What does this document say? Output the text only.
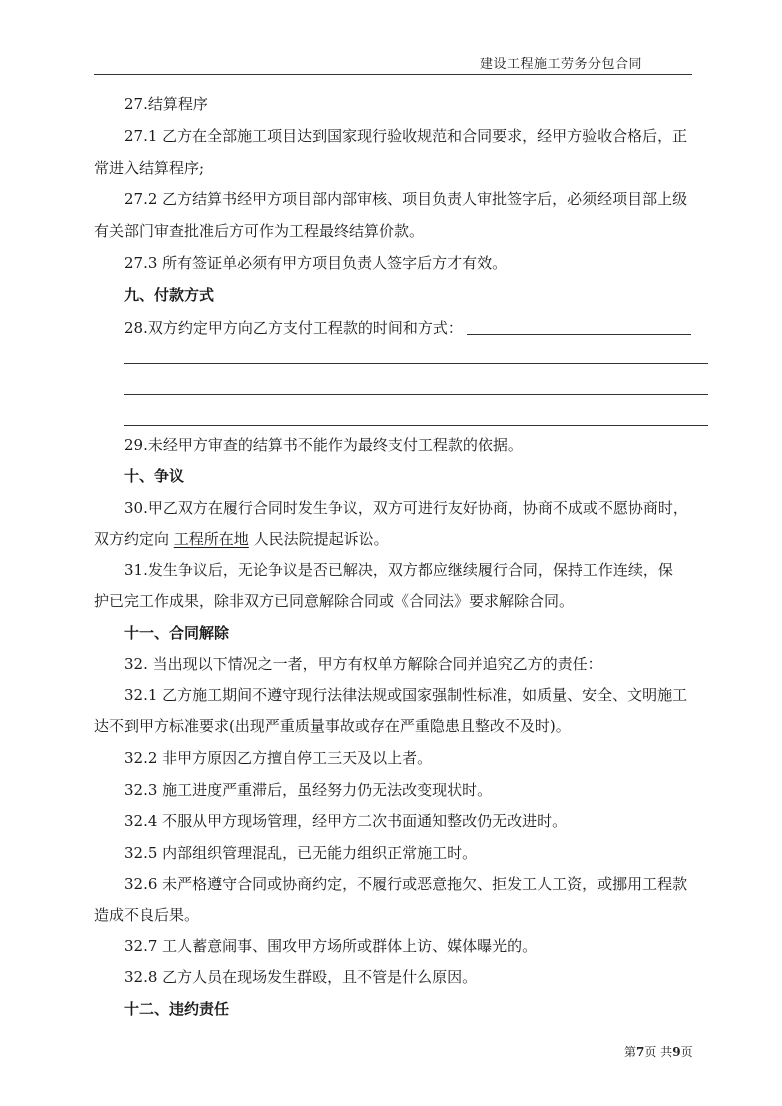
建设工程施工劳务分包合同
27.结算程序
27.1 乙方在全部施工项目达到国家现行验收规范和合同要求，经甲方验收合格后，正
常进入结算程序;
27.2 乙方结算书经甲方项目部内部审核、项目负责人审批签字后，必须经项目部上级
有关部门审查批准后方可作为工程最终结算价款。
27.3 所有签证单必须有甲方项目负责人签字后方才有效。
九、付款方式
28.双方约定甲方向乙方支付工程款的时间和方式：
29.未经甲方审查的结算书不能作为最终支付工程款的依据。
十、争议
30.甲乙双方在履行合同时发生争议，双方可进行友好协商，协商不成或不愿协商时，
双方约定向 工程所在地 人民法院提起诉讼。
31.发生争议后，无论争议是否已解决，双方都应继续履行合同，保持工作连续，保
护已完工作成果，除非双方已同意解除合同或《合同法》要求解除合同。
十一、合同解除
32. 当出现以下情况之一者，甲方有权单方解除合同并追究乙方的责任：
32.1 乙方施工期间不遵守现行法律法规或国家强制性标准，如质量、安全、文明施工
达不到甲方标准要求(出现严重质量事故或存在严重隐患且整改不及时)。
32.2 非甲方原因乙方擅自停工三天及以上者。
32.3 施工进度严重滞后，虽经努力仍无法改变现状时。
32.4 不服从甲方现场管理，经甲方二次书面通知整改仍无改进时。
32.5 内部组织管理混乱，已无能力组织正常施工时。
32.6 未严格遵守合同或协商约定，不履行或恶意拖欠、拒发工人工资，或挪用工程款
造成不良后果。
32.7 工人蓄意闹事、围攻甲方场所或群体上访、媒体曝光的。
32.8 乙方人员在现场发生群殴，且不管是什么原因。
十二、违约责任
第7页 共9页
